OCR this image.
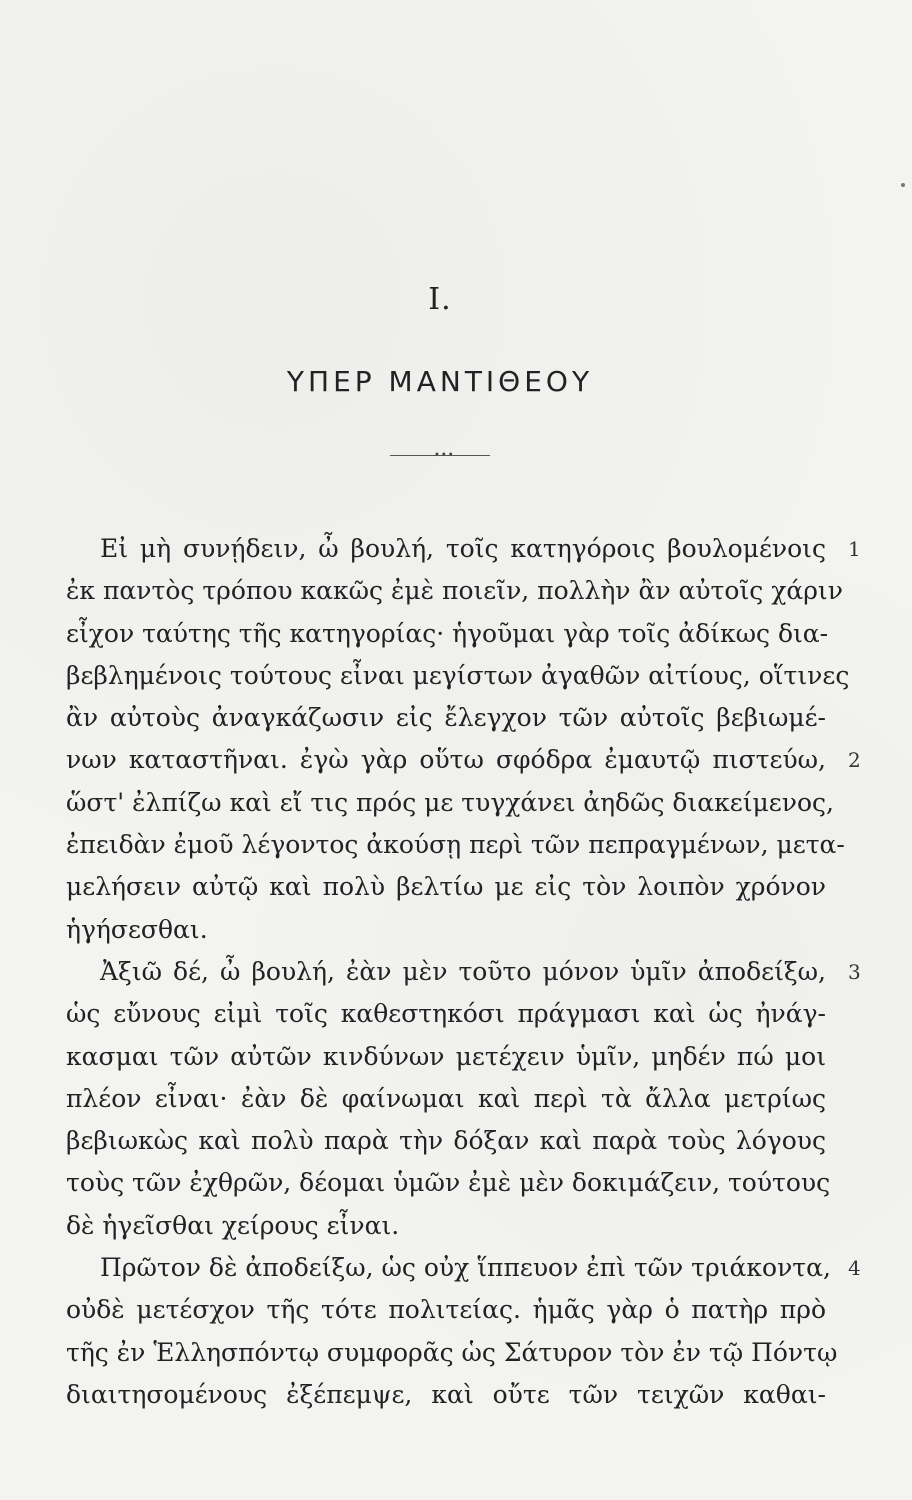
I.
ΥΠΕΡ ΜΑΝΤΙΘΕΟΥ
•••
Εἰ μὴ συνῄδειν, ὦ βουλή, τοῖς κατηγόροις βουλομένοις 1
ἐκ παντὸς τρόπου κακῶς ἐμὲ ποιεῖν, πολλὴν ἂν αὐτοῖς χάριν
εἶχον ταύτης τῆς κατηγορίας· ἡγοῦμαι γὰρ τοῖς ἀδίκως δια-
βεβλημένοις τούτους εἶναι μεγίστων ἀγαθῶν αἰτίους, οἵτινες
ἂν αὐτοὺς ἀναγκάζωσιν εἰς ἔλεγχον τῶν αὐτοῖς βεβιωμέ-
νων καταστῆναι. ἐγὼ γὰρ οὕτω σφόδρα ἐμαυτῷ πιστεύω, 2
ὥστ' ἐλπίζω καὶ εἴ τις πρός με τυγχάνει ἀηδῶς διακείμενος,
ἐπειδὰν ἐμοῦ λέγοντος ἀκούσῃ περὶ τῶν πεπραγμένων, μετα-
μελήσειν αὐτῷ καὶ πολὺ βελτίω με εἰς τὸν λοιπὸν χρόνον
ἡγήσεσθαι.
Ἀξιῶ δέ, ὦ βουλή, ἐὰν μὲν τοῦτο μόνον ὑμῖν ἀποδείξω, 3
ὡς εὔνους εἰμὶ τοῖς καθεστηκόσι πράγμασι καὶ ὡς ἠνάγ-
κασμαι τῶν αὐτῶν κινδύνων μετέχειν ὑμῖν, μηδέν πώ μοι
πλέον εἶναι· ἐὰν δὲ φαίνωμαι καὶ περὶ τὰ ἄλλα μετρίως
βεβιωκὼς καὶ πολὺ παρὰ τὴν δόξαν καὶ παρὰ τοὺς λόγους
τοὺς τῶν ἐχθρῶν, δέομαι ὑμῶν ἐμὲ μὲν δοκιμάζειν, τούτους
δὲ ἡγεῖσθαι χείρους εἶναι.
Πρῶτον δὲ ἀποδείξω, ὡς οὐχ ἵππευον ἐπὶ τῶν τριάκοντα, 4
οὐδὲ μετέσχον τῆς τότε πολιτείας. ἡμᾶς γὰρ ὁ πατὴρ πρὸ
τῆς ἐν Ἑλλησπόντῳ συμφορᾶς ὡς Σάτυρον τὸν ἐν τῷ Πόντῳ
διαιτησομένους ἐξέπεμψε, καὶ οὔτε τῶν τειχῶν καθαι-
